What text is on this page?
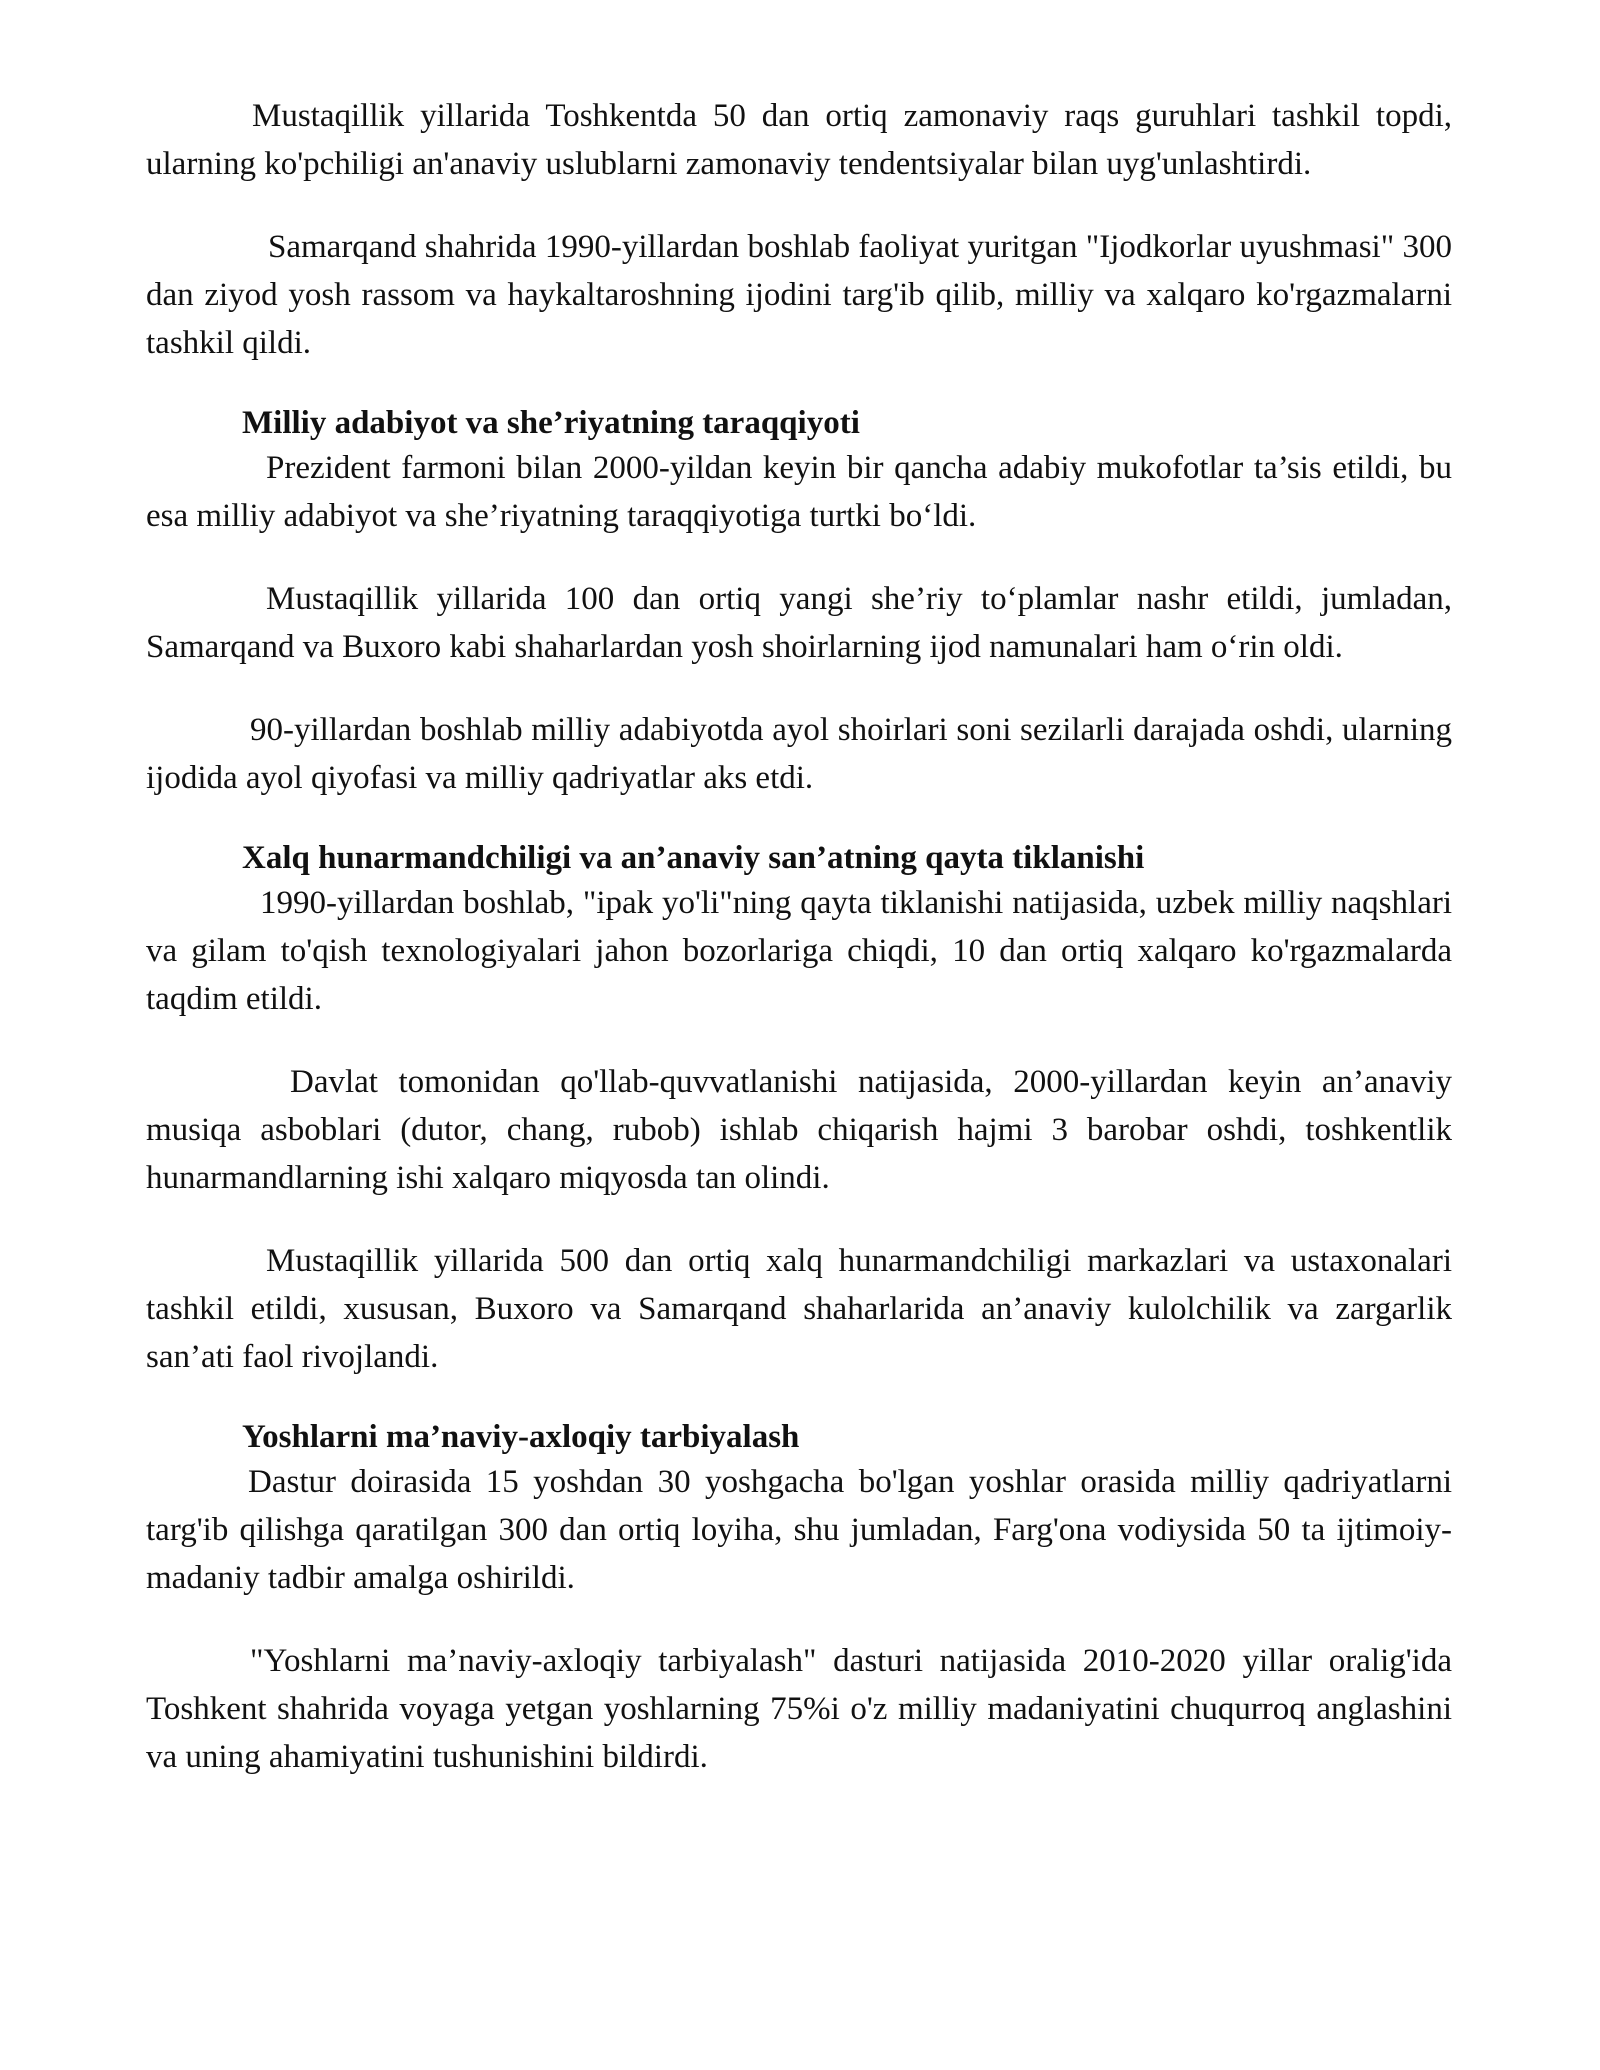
Mustaqillik yillarida Toshkentda 50 dan ortiq zamonaviy raqs guruhlari tashkil topdi, ularning ko'pchiligi an'anaviy uslublarni zamonaviy tendentsiyalar bilan uyg'unlashtirdi.

Samarqand shahrida 1990-yillardan boshlab faoliyat yuritgan "Ijodkorlar uyushmasi" 300 dan ziyod yosh rassom va haykaltaroshning ijodini targ'ib qilib, milliy va xalqaro ko'rgazmalarni tashkil qildi.

Milliy adabiyot va she’riyatning taraqqiyoti

Prezident farmoni bilan 2000-yildan keyin bir qancha adabiy mukofotlar ta’sis etildi, bu esa milliy adabiyot va she’riyatning taraqqiyotiga turtki bo‘ldi.

Mustaqillik yillarida 100 dan ortiq yangi she’riy to‘plamlar nashr etildi, jumladan, Samarqand va Buxoro kabi shaharlardan yosh shoirlarning ijod namunalari ham o‘rin oldi.

90-yillardan boshlab milliy adabiyotda ayol shoirlari soni sezilarli darajada oshdi, ularning ijodida ayol qiyofasi va milliy qadriyatlar aks etdi.

Xalq hunarmandchiligi va an’anaviy san’atning qayta tiklanishi

1990-yillardan boshlab, "ipak yo'li"ning qayta tiklanishi natijasida, uzbek milliy naqshlari va gilam to'qish texnologiyalari jahon bozorlariga chiqdi, 10 dan ortiq xalqaro ko'rgazmalarda taqdim etildi.

Davlat tomonidan qo'llab-quvvatlanishi natijasida, 2000-yillardan keyin an’anaviy musiqa asboblari (dutor, chang, rubob) ishlab chiqarish hajmi 3 barobar oshdi, toshkentlik hunarmandlarning ishi xalqaro miqyosda tan olindi.

Mustaqillik yillarida 500 dan ortiq xalq hunarmandchiligi markazlari va ustaxonalari tashkil etildi, xususan, Buxoro va Samarqand shaharlarida an’anaviy kulolchilik va zargarlik san’ati faol rivojlandi.

Yoshlarni ma’naviy-axloqiy tarbiyalash

Dastur doirasida 15 yoshdan 30 yoshgacha bo'lgan yoshlar orasida milliy qadriyatlarni targ'ib qilishga qaratilgan 300 dan ortiq loyiha, shu jumladan, Farg'ona vodiysida 50 ta ijtimoiy-madaniy tadbir amalga oshirildi.

"Yoshlarni ma’naviy-axloqiy tarbiyalash" dasturi natijasida 2010-2020 yillar oralig'ida Toshkent shahrida voyaga yetgan yoshlarning 75%i o'z milliy madaniyatini chuqurroq anglashini va uning ahamiyatini tushunishini bildirdi.
